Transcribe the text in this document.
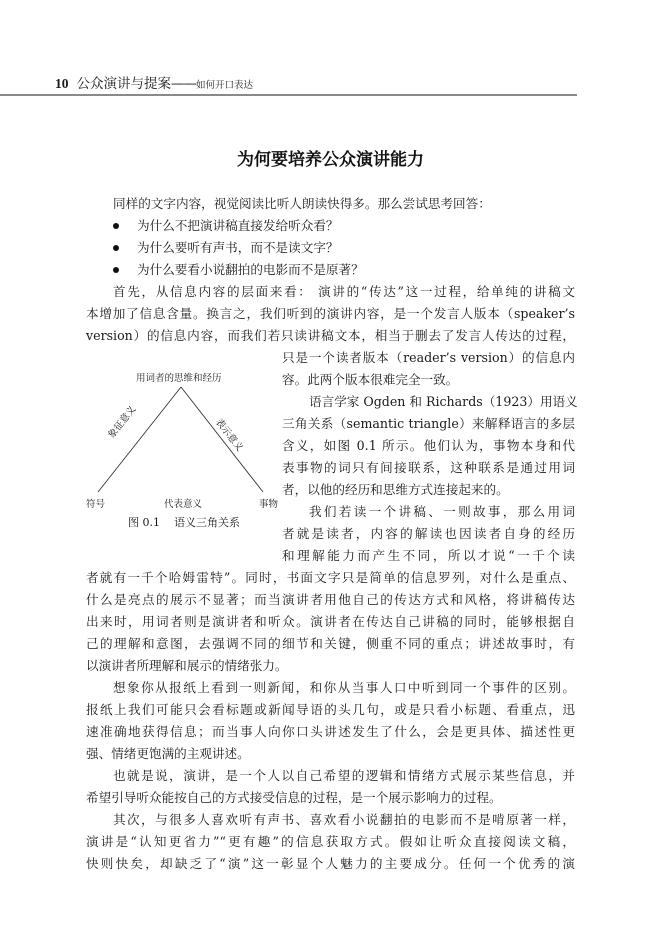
10 公众演讲与提案——如何开口表达
为何要培养公众演讲能力
同样的文字内容，视觉阅读比听人朗读快得多。那么尝试思考回答：
为什么不把演讲稿直接发给听众看？
为什么要听有声书，而不是读文字？
为什么要看小说翻拍的电影而不是原著？
首先，从信息内容的层面来看： 演讲的“传达”这一过程，给单纯的讲稿文
本增加了信息含量。换言之，我们听到的演讲内容，是一个发言人版本（speaker’s
version）的信息内容，而我们若只读讲稿文本，相当于删去了发言人传达的过程，
只是一个读者版本（reader’s version）的信息内
容。此两个版本很难完全一致。
语言学家 Ogden 和 Richards（1923）用语义
三角关系（semantic triangle）来解释语言的多层
含义，如图 0.1 所示。他们认为，事物本身和代
表事物的词只有间接联系，这种联系是通过用词
者，以他的经历和思维方式连接起来的。
我们若读一个讲稿、一则故事，那么用词
者就是读者，内容的解读也因读者自身的经历
和理解能力而产生不同，所以才说“一千个读
者就有一千个哈姆雷特”。同时，书面文字只是简单的信息罗列，对什么是重点、
什么是亮点的展示不显著；而当演讲者用他自己的传达方式和风格，将讲稿传达
出来时，用词者则是演讲者和听众。演讲者在传达自己讲稿的同时，能够根据自
己的理解和意图，去强调不同的细节和关键，侧重不同的重点；讲述故事时，有
以演讲者所理解和展示的情绪张力。
想象你从报纸上看到一则新闻，和你从当事人口中听到同一个事件的区别。
报纸上我们可能只会看标题或新闻导语的头几句，或是只看小标题、看重点，迅
速准确地获得信息；而当事人向你口头讲述发生了什么，会是更具体、描述性更
强、情绪更饱满的主观讲述。
也就是说，演讲，是一个人以自己希望的逻辑和情绪方式展示某些信息，并
希望引导听众能按自己的方式接受信息的过程，是一个展示影响力的过程。
其次，与很多人喜欢听有声书、喜欢看小说翻拍的电影而不是啃原著一样，
演讲是“认知更省力”“更有趣”的信息获取方式。假如让听众直接阅读文稿，
快则快矣，却缺乏了“演”这一彰显个人魅力的主要成分。任何一个优秀的演
用词者的思维和经历
象征意义	表示意义
符号	代表意义	事物
图 0.1 语义三角关系
